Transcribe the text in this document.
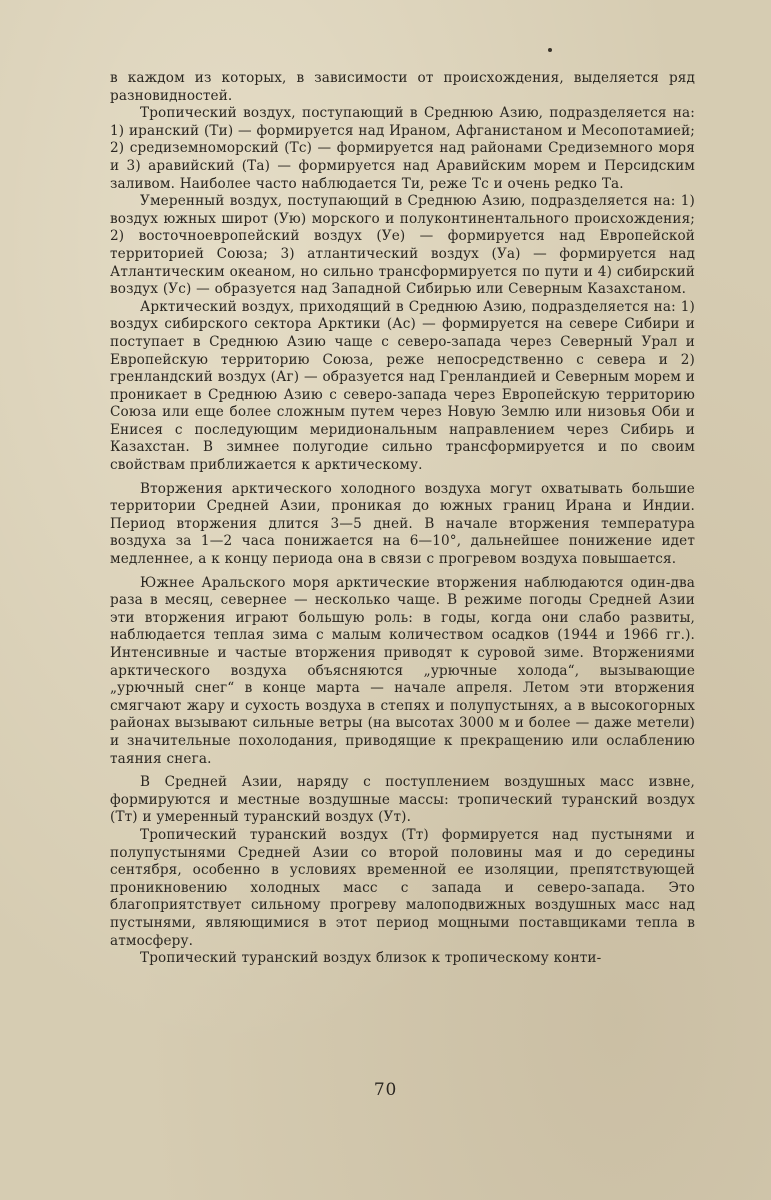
в каждом из которых, в зависимости от происхождения, выделяется ряд разновидностей.

Тропический воздух, поступающий в Среднюю Азию, подразделяется на: 1) иранский (Ти) — формируется над Ираном, Афганистаном и Месопотамией; 2) средиземноморский (Тс) — формируется над районами Средиземного моря и 3) аравийский (Та) — формируется над Аравийским морем и Персидским заливом. Наиболее часто наблюдается Ти, реже Тс и очень редко Та.

Умеренный воздух, поступающий в Среднюю Азию, подразделяется на: 1) воздух южных широт (Ую) морского и полуконтинентального происхождения; 2) восточноевропейский воздух (Уе) — формируется над Европейской территорией Союза; 3) атлантический воздух (Уа) — формируется над Атлантическим океаном, но сильно трансформируется по пути и 4) сибирский воздух (Ус) — образуется над Западной Сибирью или Северным Казахстаном.

Арктический воздух, приходящий в Среднюю Азию, подразделяется на: 1) воздух сибирского сектора Арктики (Ас) — формируется на севере Сибири и поступает в Среднюю Азию чаще с северо-запада через Северный Урал и Европейскую территорию Союза, реже непосредственно с севера и 2) гренландский воздух (Аг) — образуется над Гренландией и Северным морем и проникает в Среднюю Азию с северо-запада через Европейскую территорию Союза или еще более сложным путем через Новую Землю или низовья Оби и Енисея с последующим меридиональным направлением через Сибирь и Казахстан. В зимнее полугодие сильно трансформируется и по своим свойствам приближается к арктическому.

Вторжения арктического холодного воздуха могут охватывать большие территории Средней Азии, проникая до южных границ Ирана и Индии. Период вторжения длится 3—5 дней. В начале вторжения температура воздуха за 1—2 часа понижается на 6—10°, дальнейшее понижение идет медленнее, а к концу периода она в связи с прогревом воздуха повышается.

Южнее Аральского моря арктические вторжения наблюдаются один-два раза в месяц, севернее — несколько чаще. В режиме погоды Средней Азии эти вторжения играют большую роль: в годы, когда они слабо развиты, наблюдается теплая зима с малым количеством осадков (1944 и 1966 гг.). Интенсивные и частые вторжения приводят к суровой зиме. Вторжениями арктического воздуха объясняются „урючные холода“, вызывающие „урючный снег“ в конце марта — начале апреля. Летом эти вторжения смягчают жару и сухость воздуха в степях и полупустынях, а в высокогорных районах вызывают сильные ветры (на высотах 3000 м и более — даже метели) и значительные похолодания, приводящие к прекращению или ослаблению таяния снега.

В Средней Азии, наряду с поступлением воздушных масс извне, формируются и местные воздушные массы: тропический туранский воздух (Тт) и умеренный туранский воздух (Ут).

Тропический туранский воздух (Тт) формируется над пустынями и полупустынями Средней Азии со второй половины мая и до середины сентября, особенно в условиях временной ее изоляции, препятствующей проникновению холодных масс с запада и северо-запада. Это благоприятствует сильному прогреву малоподвижных воздушных масс над пустынями, являющимися в этот период мощными поставщиками тепла в атмосферу.

Тропический туранский воздух близок к тропическому конти-

70
